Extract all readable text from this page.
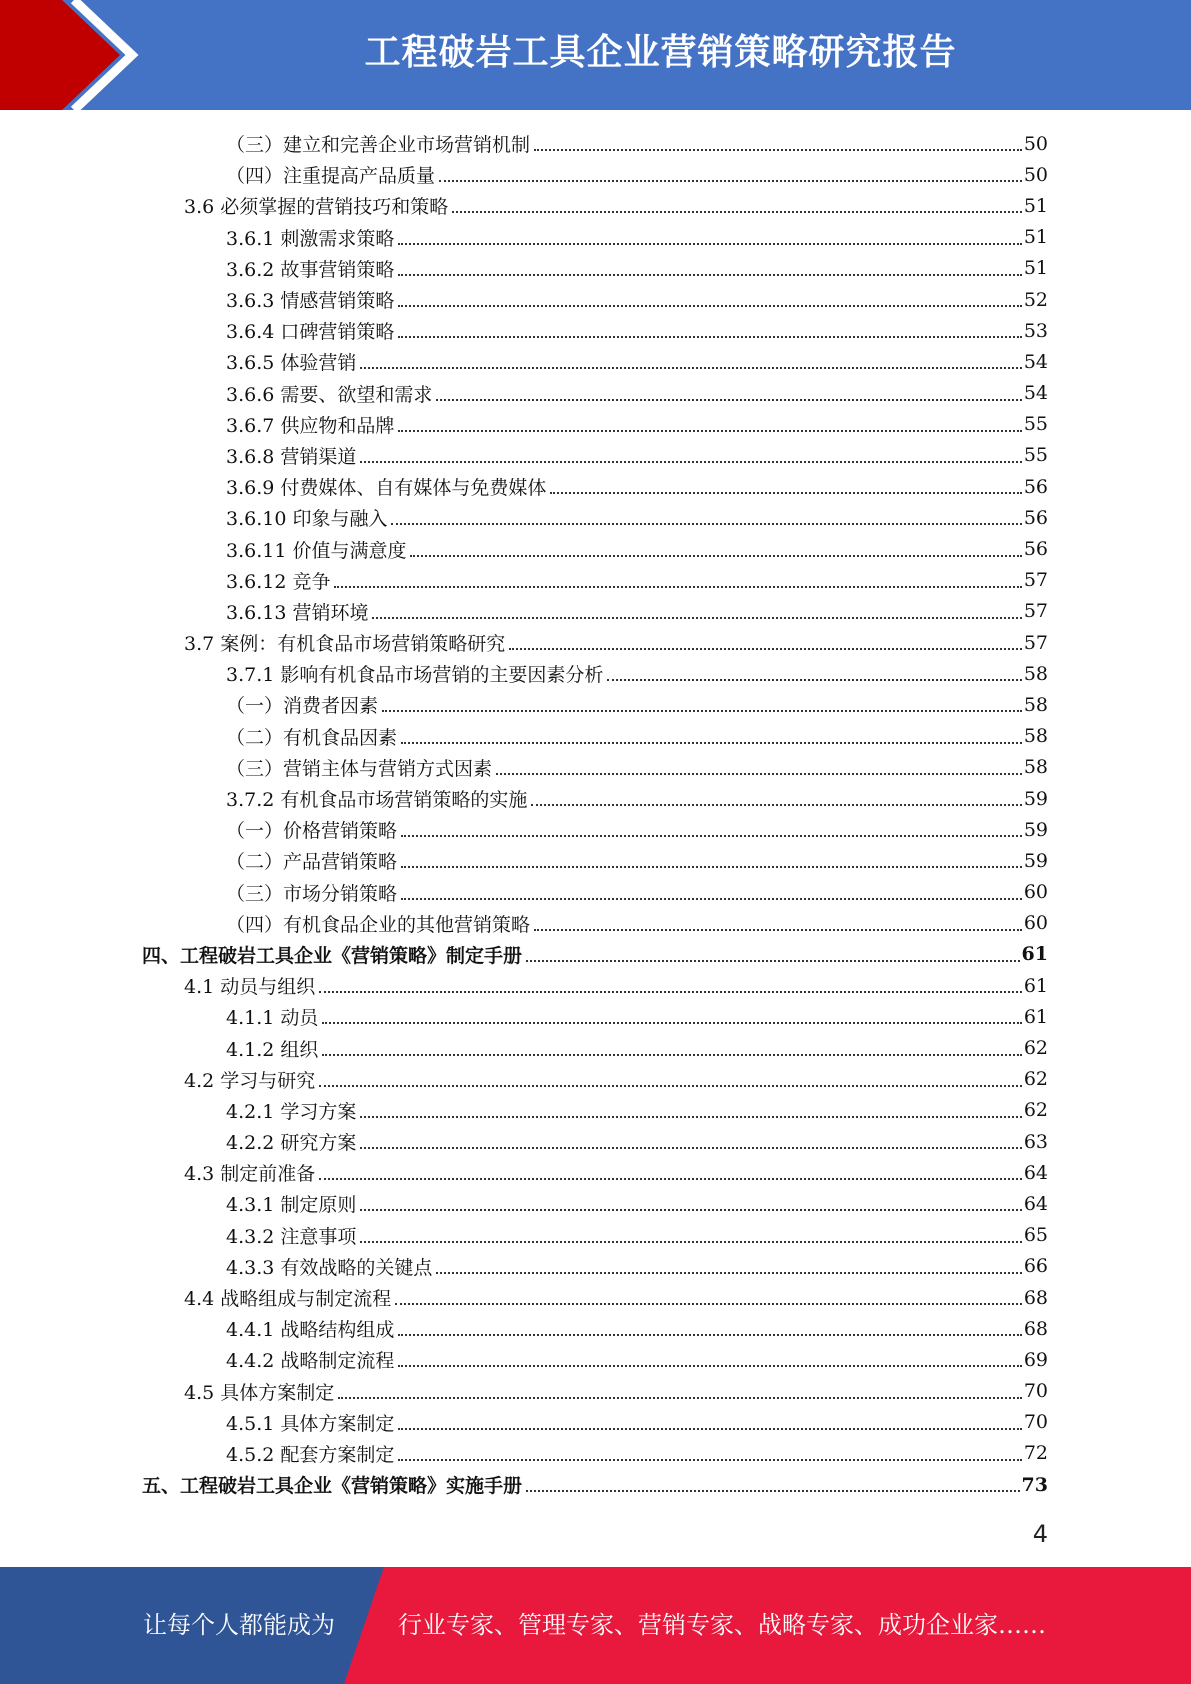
工程破岩工具企业营销策略研究报告
（三）建立和完善企业市场营销机制	50
（四）注重提高产品质量	50
3.6 必须掌握的营销技巧和策略	51
3.6.1 刺激需求策略	51
3.6.2 故事营销策略	51
3.6.3 情感营销策略	52
3.6.4 口碑营销策略	53
3.6.5 体验营销	54
3.6.6 需要、欲望和需求	54
3.6.7 供应物和品牌	55
3.6.8 营销渠道	55
3.6.9 付费媒体、自有媒体与免费媒体	56
3.6.10 印象与融入	56
3.6.11 价值与满意度	56
3.6.12 竞争	57
3.6.13 营销环境	57
3.7 案例：有机食品市场营销策略研究	57
3.7.1 影响有机食品市场营销的主要因素分析	58
（一）消费者因素	58
（二）有机食品因素	58
（三）营销主体与营销方式因素	58
3.7.2 有机食品市场营销策略的实施	59
（一）价格营销策略	59
（二）产品营销策略	59
（三）市场分销策略	60
（四）有机食品企业的其他营销策略	60
四、工程破岩工具企业《营销策略》制定手册	61
4.1 动员与组织	61
4.1.1 动员	61
4.1.2 组织	62
4.2 学习与研究	62
4.2.1 学习方案	62
4.2.2 研究方案	63
4.3 制定前准备	64
4.3.1 制定原则	64
4.3.2 注意事项	65
4.3.3 有效战略的关键点	66
4.4 战略组成与制定流程	68
4.4.1 战略结构组成	68
4.4.2 战略制定流程	69
4.5 具体方案制定	70
4.5.1 具体方案制定	70
4.5.2 配套方案制定	72
五、工程破岩工具企业《营销策略》实施手册	73
4
让每个人都能成为	行业专家、管理专家、营销专家、战略专家、成功企业家……
